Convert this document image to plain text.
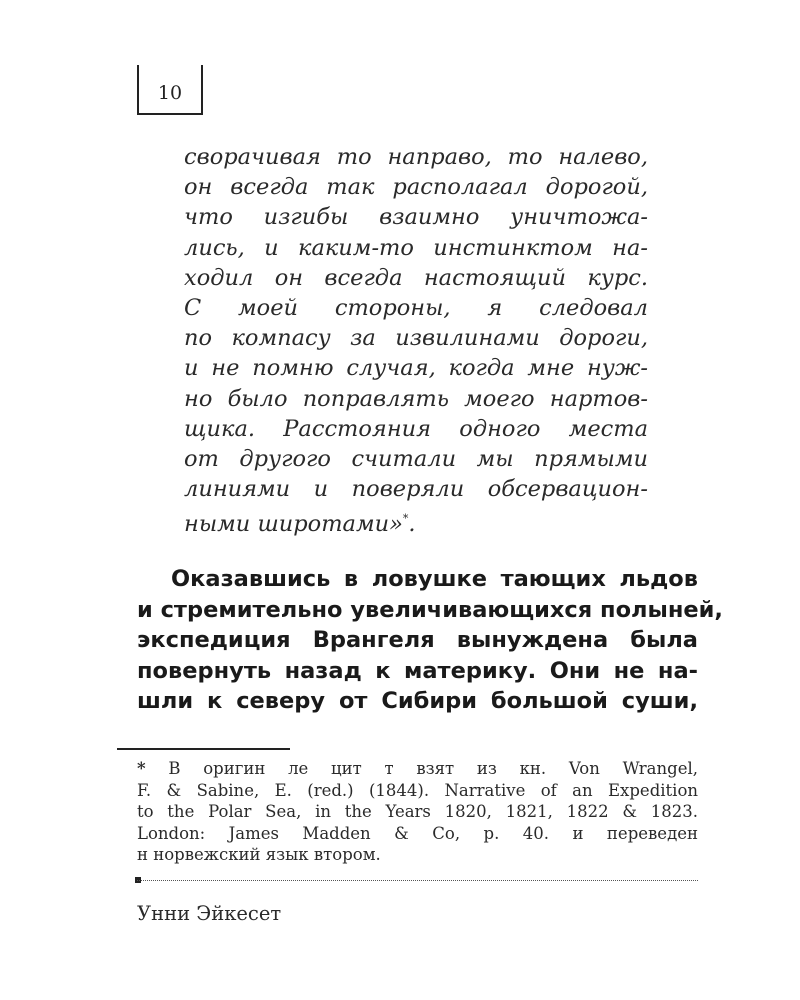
10
сворачивая то направо, то налево,
он всегда так располагал дорогой,
что изгибы взаимно уничтожа-
лись, и каким-то инстинктом на-
ходил он всегда настоящий курс.
С моей стороны, я следовал
по компасу за извилинами дороги,
и не помню случая, когда мне нуж-
но было поправлять моего нартов-
щика. Расстояния одного места
от другого считали мы прямыми
линиями и поверяли обсервацион-
ными широтами»*.
Оказавшись в ловушке тающих льдов
и стремительно увеличивающихся полыней,
экспедиция Врангеля вынуждена была
повернуть назад к материку. Они не на-
шли к северу от Сибири большой суши,
* В оригин ле цит т взят из кн. Von Wrangel,
F. & Sabine, E. (red.) (1844). Narrative of an Expedition
to the Polar Sea, in the Years 1820, 1821, 1822 & 1823.
London: James Madden & Co, p. 40. и переведен
н норвежский язык втором.
Унни Эйкесет
